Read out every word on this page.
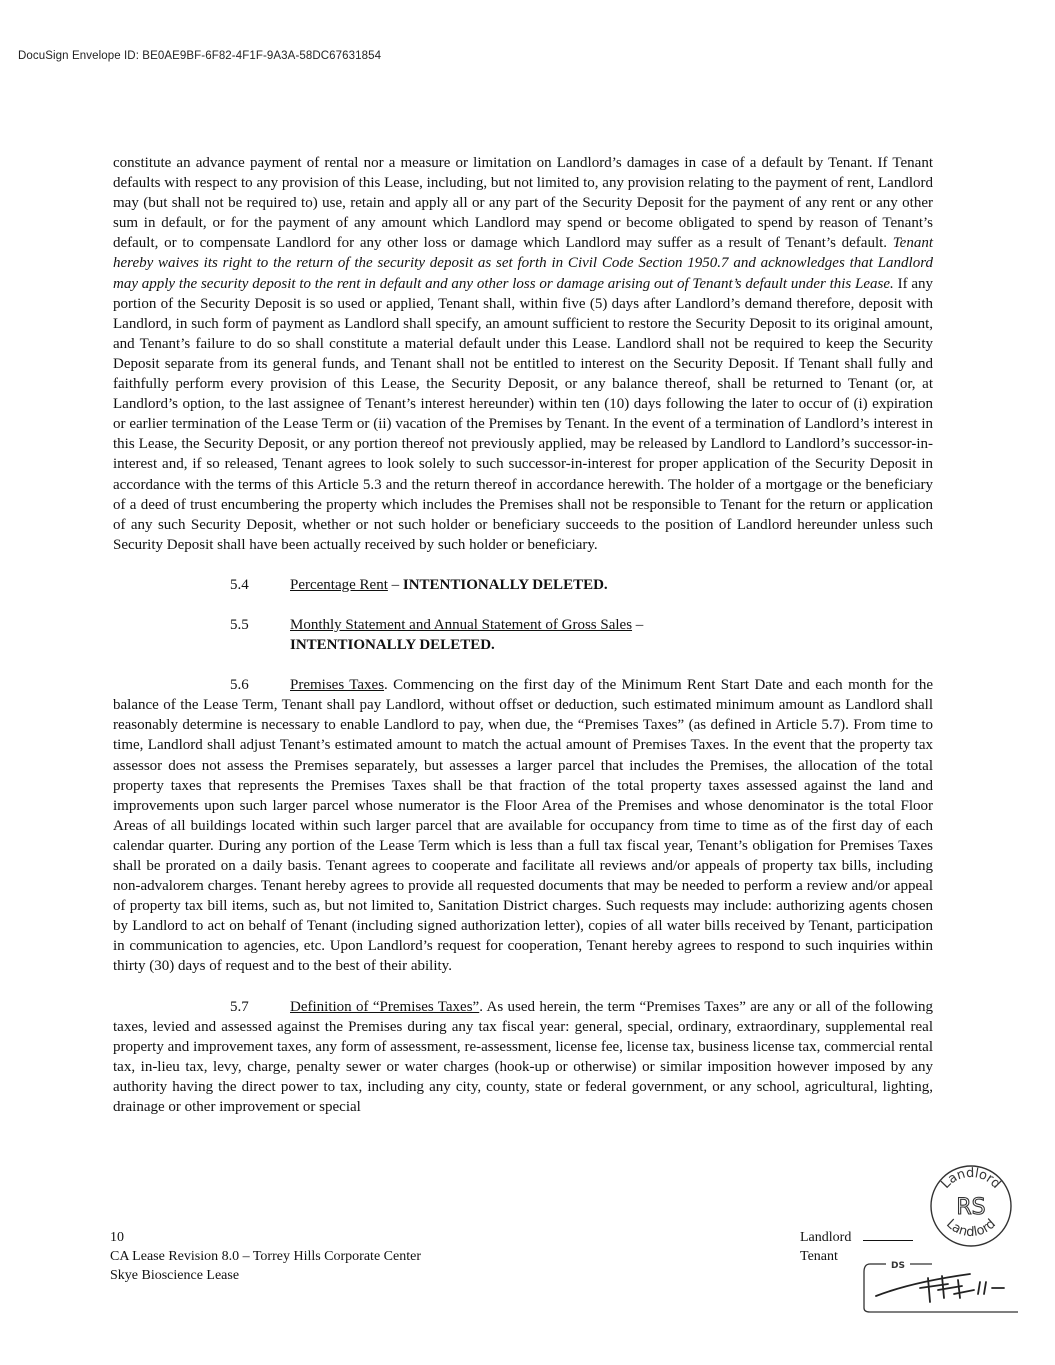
DocuSign Envelope ID: BE0AE9BF-6F82-4F1F-9A3A-58DC67631854

constitute an advance payment of rental nor a measure or limitation on Landlord’s damages in case of a default by Tenant. If Tenant defaults with respect to any provision of this Lease, including, but not limited to, any provision relating to the payment of rent, Landlord may (but shall not be required to) use, retain and apply all or any part of the Security Deposit for the payment of any rent or any other sum in default, or for the payment of any amount which Landlord may spend or become obligated to spend by reason of Tenant’s default, or to compensate Landlord for any other loss or damage which Landlord may suffer as a result of Tenant’s default. Tenant hereby waives its right to the return of the security deposit as set forth in Civil Code Section 1950.7 and acknowledges that Landlord may apply the security deposit to the rent in default and any other loss or damage arising out of Tenant’s default under this Lease. If any portion of the Security Deposit is so used or applied, Tenant shall, within five (5) days after Landlord’s demand therefore, deposit with Landlord, in such form of payment as Landlord shall specify, an amount sufficient to restore the Security Deposit to its original amount, and Tenant’s failure to do so shall constitute a material default under this Lease. Landlord shall not be required to keep the Security Deposit separate from its general funds, and Tenant shall not be entitled to interest on the Security Deposit. If Tenant shall fully and faithfully perform every provision of this Lease, the Security Deposit, or any balance thereof, shall be returned to Tenant (or, at Landlord’s option, to the last assignee of Tenant’s interest hereunder) within ten (10) days following the later to occur of (i) expiration or earlier termination of the Lease Term or (ii) vacation of the Premises by Tenant. In the event of a termination of Landlord’s interest in this Lease, the Security Deposit, or any portion thereof not previously applied, may be released by Landlord to Landlord’s successor-in-interest and, if so released, Tenant agrees to look solely to such successor-in-interest for proper application of the Security Deposit in accordance with the terms of this Article 5.3 and the return thereof in accordance herewith. The holder of a mortgage or the beneficiary of a deed of trust encumbering the property which includes the Premises shall not be responsible to Tenant for the return or application of any such Security Deposit, whether or not such holder or beneficiary succeeds to the position of Landlord hereunder unless such Security Deposit shall have been actually received by such holder or beneficiary.

5.4	Percentage Rent – INTENTIONALLY DELETED.

5.5	Monthly Statement and Annual Statement of Gross Sales –
INTENTIONALLY DELETED.

5.6	Premises Taxes. Commencing on the first day of the Minimum Rent Start Date and each month for the balance of the Lease Term, Tenant shall pay Landlord, without offset or deduction, such estimated minimum amount as Landlord shall reasonably determine is necessary to enable Landlord to pay, when due, the “Premises Taxes” (as defined in Article 5.7). From time to time, Landlord shall adjust Tenant’s estimated amount to match the actual amount of Premises Taxes. In the event that the property tax assessor does not assess the Premises separately, but assesses a larger parcel that includes the Premises, the allocation of the total property taxes that represents the Premises Taxes shall be that fraction of the total property taxes assessed against the land and improvements upon such larger parcel whose numerator is the Floor Area of the Premises and whose denominator is the total Floor Areas of all buildings located within such larger parcel that are available for occupancy from time to time as of the first day of each calendar quarter. During any portion of the Lease Term which is less than a full tax fiscal year, Tenant’s obligation for Premises Taxes shall be prorated on a daily basis. Tenant agrees to cooperate and facilitate all reviews and/or appeals of property tax bills, including non-advalorem charges. Tenant hereby agrees to provide all requested documents that may be needed to perform a review and/or appeal of property tax bill items, such as, but not limited to, Sanitation District charges. Such requests may include: authorizing agents chosen by Landlord to act on behalf of Tenant (including signed authorization letter), copies of all water bills received by Tenant, participation in communication to agencies, etc. Upon Landlord’s request for cooperation, Tenant hereby agrees to respond to such inquiries within thirty (30) days of request and to the best of their ability.

5.7	Definition of “Premises Taxes”. As used herein, the term “Premises Taxes” are any or all of the following taxes, levied and assessed against the Premises during any tax fiscal year: general, special, ordinary, extraordinary, supplemental real property and improvement taxes, any form of assessment, re-assessment, license fee, license tax, business license tax, commercial rental tax, in-lieu tax, levy, charge, penalty sewer or water charges (hook-up or otherwise) or similar imposition however imposed by any authority having the direct power to tax, including any city, county, state or federal government, or any school, agricultural, lighting, drainage or other improvement or special

10
CA Lease Revision 8.0 – Torrey Hills Corporate Center
Skye Bioscience Lease
Landlord
Tenant
Landlord
RS
Landlord
DS
